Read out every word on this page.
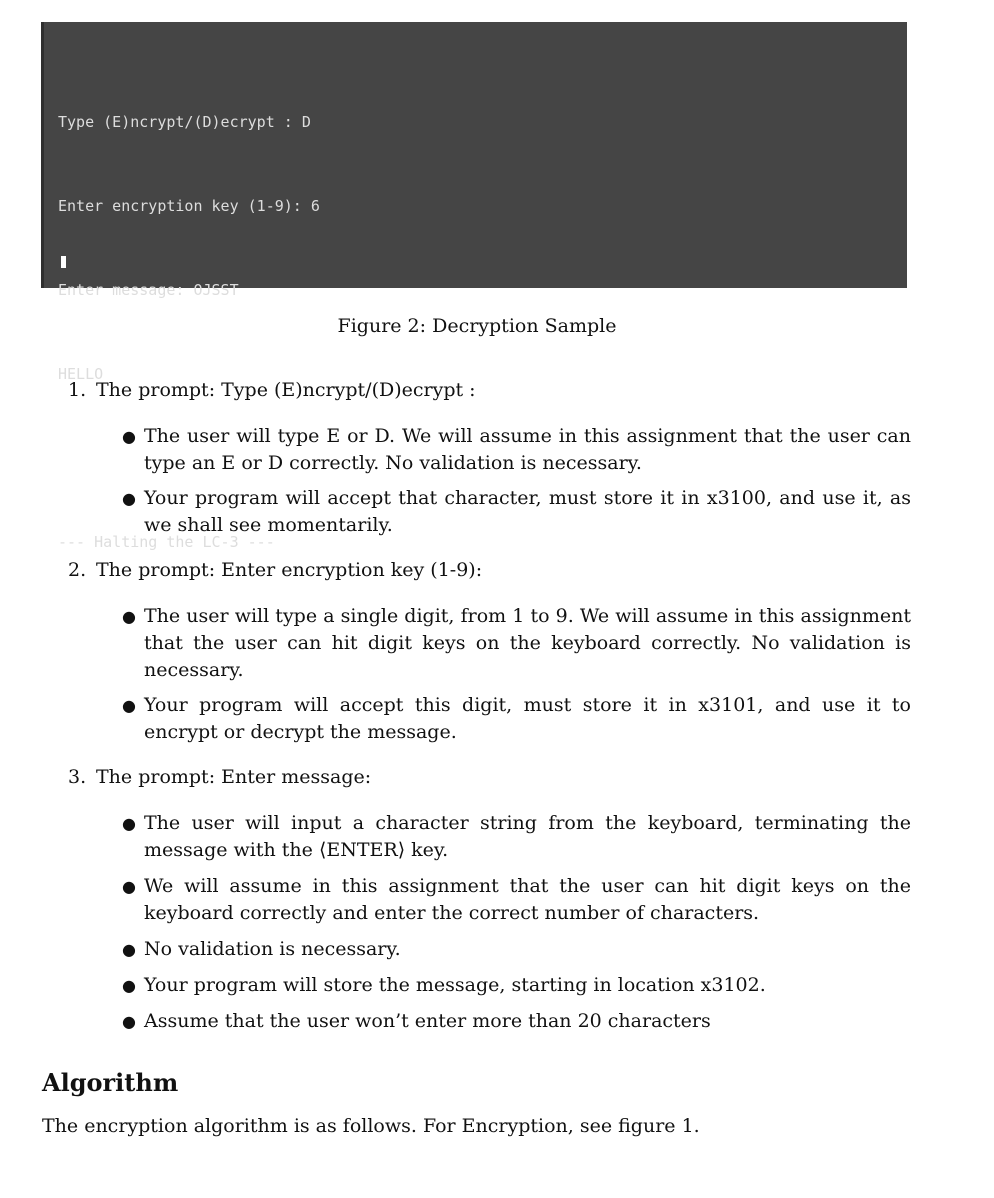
Type (E)ncrypt/(D)ecrypt : D

Enter encryption key (1-9): 6

Enter message: OJSST

HELLO

--- Halting the LC-3 ---

Figure 2: Decryption Sample
1. The prompt: Type (E)ncrypt/(D)ecrypt :
● The user will type E or D. We will assume in this assignment that the user can type an E or D correctly. No validation is necessary.
● Your program will accept that character, must store it in x3100, and use it, as we shall see momentarily.
2. The prompt: Enter encryption key (1-9):
● The user will type a single digit, from 1 to 9. We will assume in this assignment that the user can hit digit keys on the keyboard correctly. No validation is necessary.
● Your program will accept this digit, must store it in x3101, and use it to encrypt or decrypt the message.
3. The prompt: Enter message:
● The user will input a character string from the keyboard, terminating the message with the ⟨ENTER⟩ key.
● We will assume in this assignment that the user can hit digit keys on the keyboard correctly and enter the correct number of characters.
● No validation is necessary.
● Your program will store the message, starting in location x3102.
● Assume that the user won’t enter more than 20 characters
Algorithm
The encryption algorithm is as follows. For Encryption, see figure 1.
